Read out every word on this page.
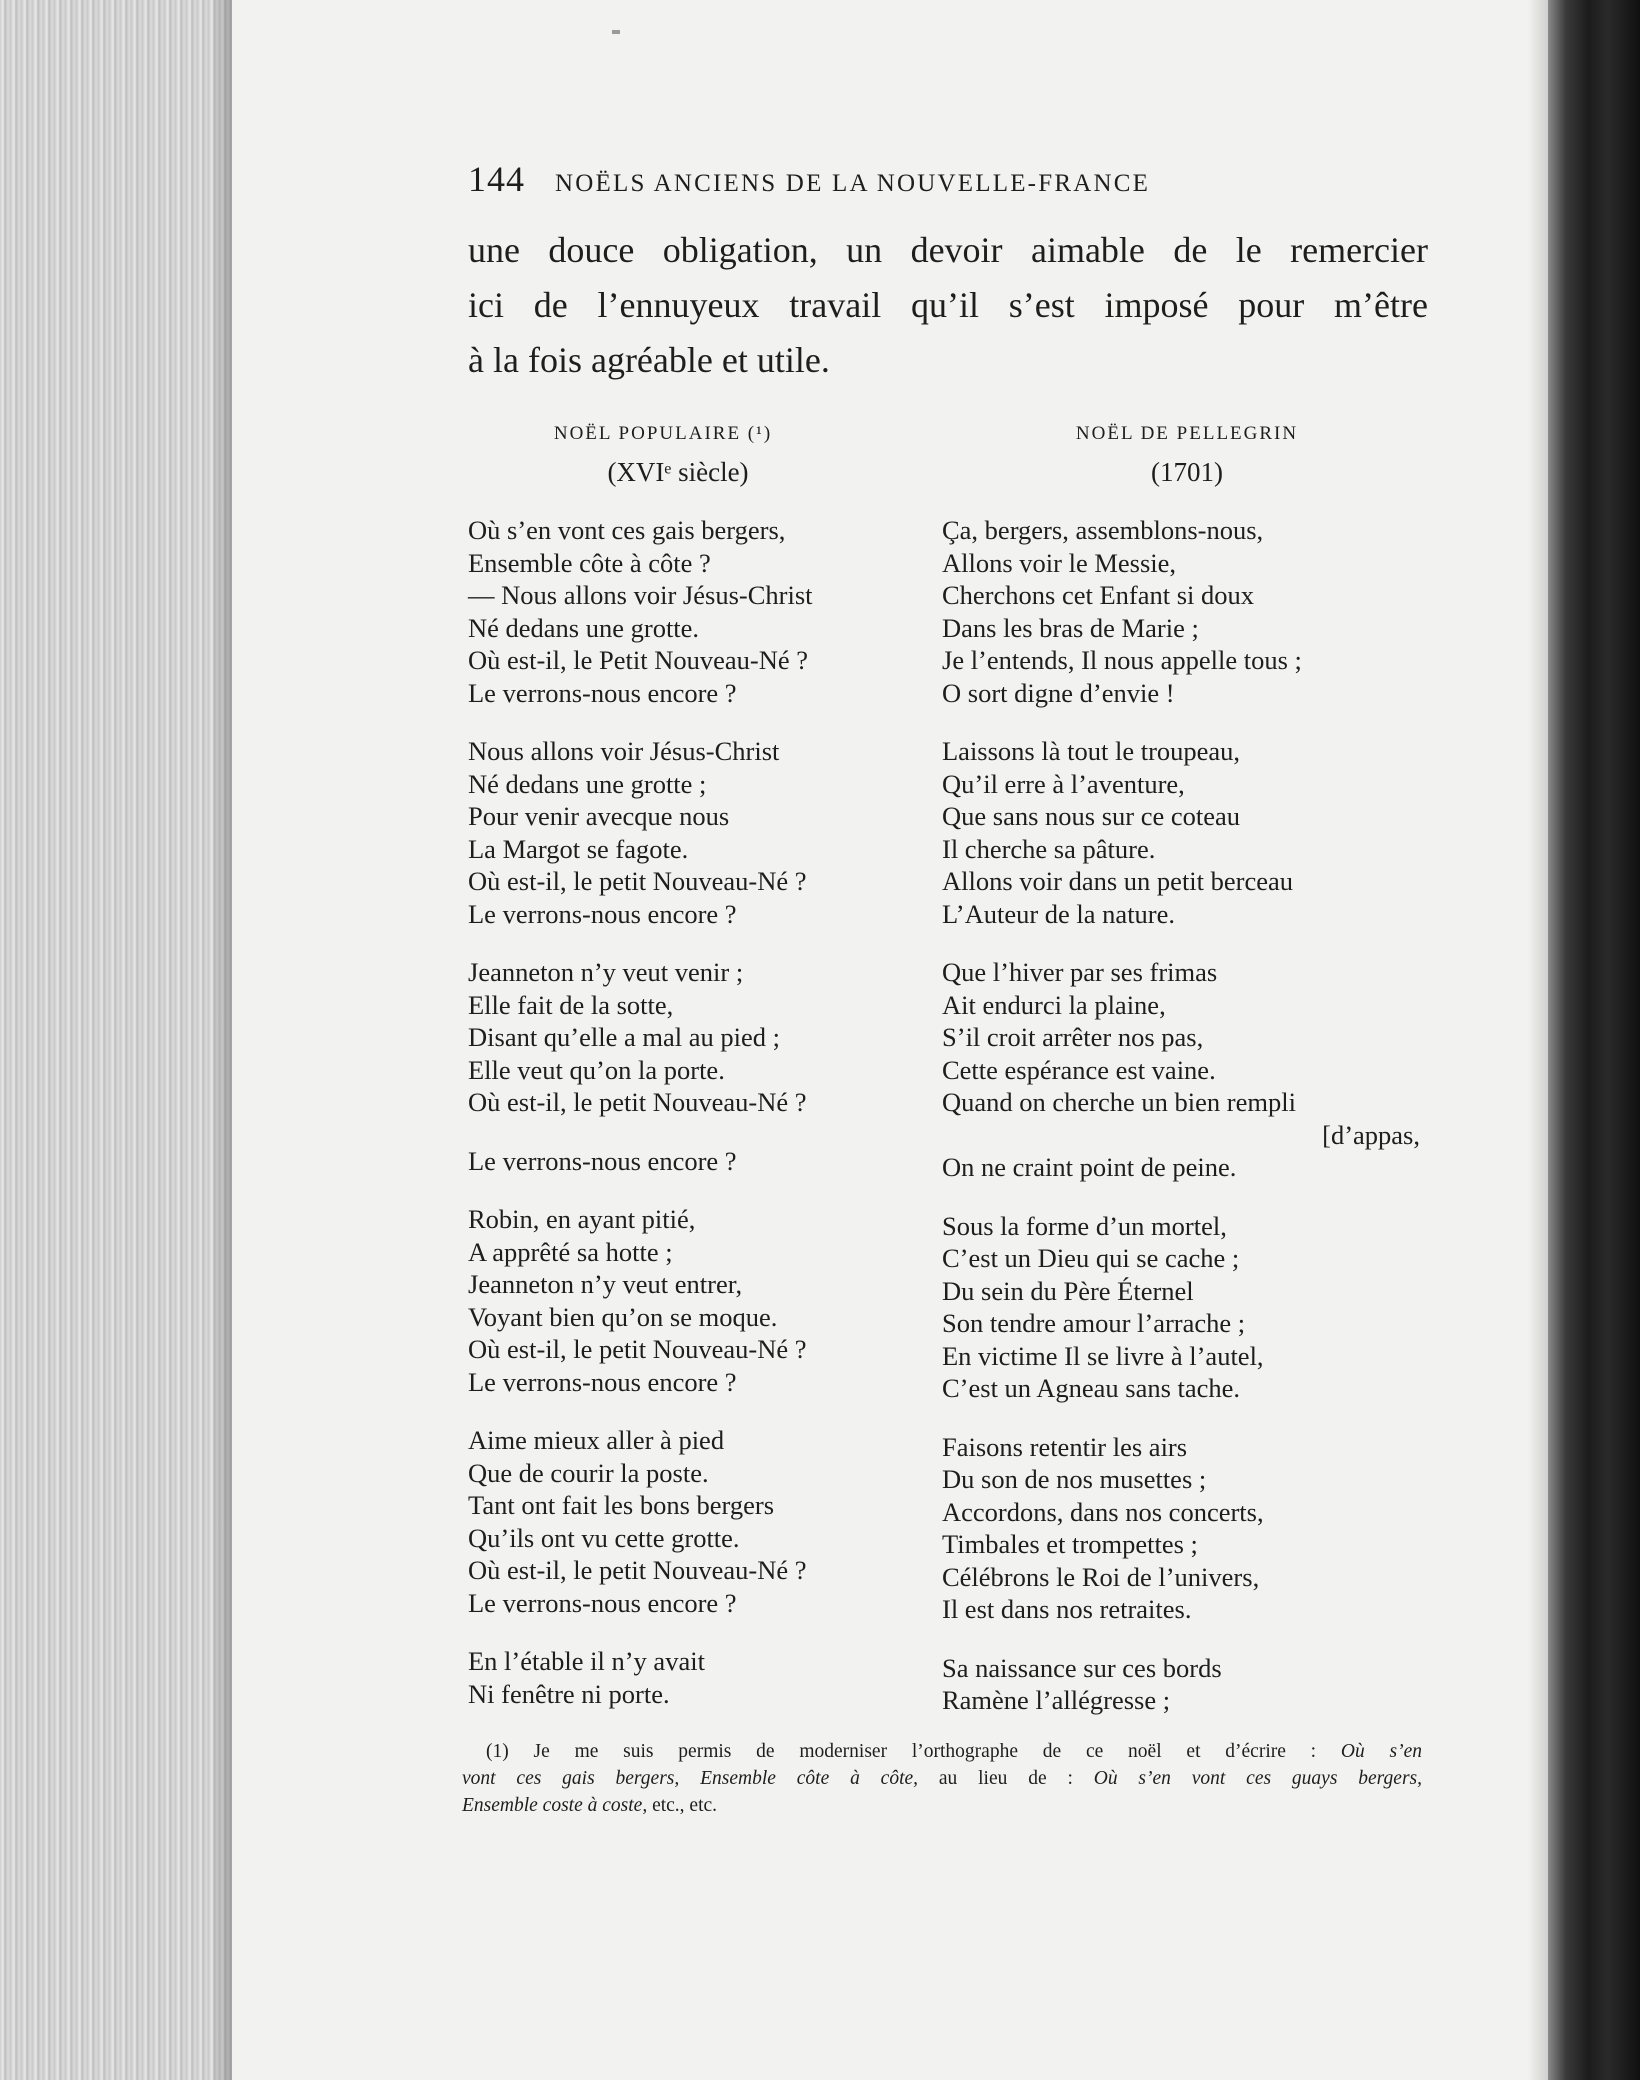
144 NOËLS ANCIENS DE LA NOUVELLE-FRANCE
une douce obligation, un devoir aimable de le remercier
ici de l’ennuyeux travail qu’il s’est imposé pour m’être
à la fois agréable et utile.
NOËL POPULAIRE (¹)
(XVIᵉ siècle)
Où s’en vont ces gais bergers,
Ensemble côte à côte ?
— Nous allons voir Jésus-Christ
Né dedans une grotte.
Où est-il, le Petit Nouveau-Né ?
Le verrons-nous encore ?
Nous allons voir Jésus-Christ
Né dedans une grotte ;
Pour venir avecque nous
La Margot se fagote.
Où est-il, le petit Nouveau-Né ?
Le verrons-nous encore ?
Jeanneton n’y veut venir ;
Elle fait de la sotte,
Disant qu’elle a mal au pied ;
Elle veut qu’on la porte.
Où est-il, le petit Nouveau-Né ?
Le verrons-nous encore ?
Robin, en ayant pitié,
A apprêté sa hotte ;
Jeanneton n’y veut entrer,
Voyant bien qu’on se moque.
Où est-il, le petit Nouveau-Né ?
Le verrons-nous encore ?
Aime mieux aller à pied
Que de courir la poste.
Tant ont fait les bons bergers
Qu’ils ont vu cette grotte.
Où est-il, le petit Nouveau-Né ?
Le verrons-nous encore ?
En l’étable il n’y avait
Ni fenêtre ni porte.
NOËL DE PELLEGRIN
(1701)
Ça, bergers, assemblons-nous,
Allons voir le Messie,
Cherchons cet Enfant si doux
Dans les bras de Marie ;
Je l’entends, Il nous appelle tous ;
O sort digne d’envie !
Laissons là tout le troupeau,
Qu’il erre à l’aventure,
Que sans nous sur ce coteau
Il cherche sa pâture.
Allons voir dans un petit berceau
L’Auteur de la nature.
Que l’hiver par ses frimas
Ait endurci la plaine,
S’il croit arrêter nos pas,
Cette espérance est vaine.
Quand on cherche un bien rempli
[d’appas,
On ne craint point de peine.
Sous la forme d’un mortel,
C’est un Dieu qui se cache ;
Du sein du Père Éternel
Son tendre amour l’arrache ;
En victime Il se livre à l’autel,
C’est un Agneau sans tache.
Faisons retentir les airs
Du son de nos musettes ;
Accordons, dans nos concerts,
Timbales et trompettes ;
Célébrons le Roi de l’univers,
Il est dans nos retraites.
Sa naissance sur ces bords
Ramène l’allégresse ;
(1) Je me suis permis de moderniser l’orthographe de ce noël et d’écrire : Où s’en
vont ces gais bergers, Ensemble côte à côte, au lieu de : Où s’en vont ces guays bergers,
Ensemble coste à coste, etc., etc.
